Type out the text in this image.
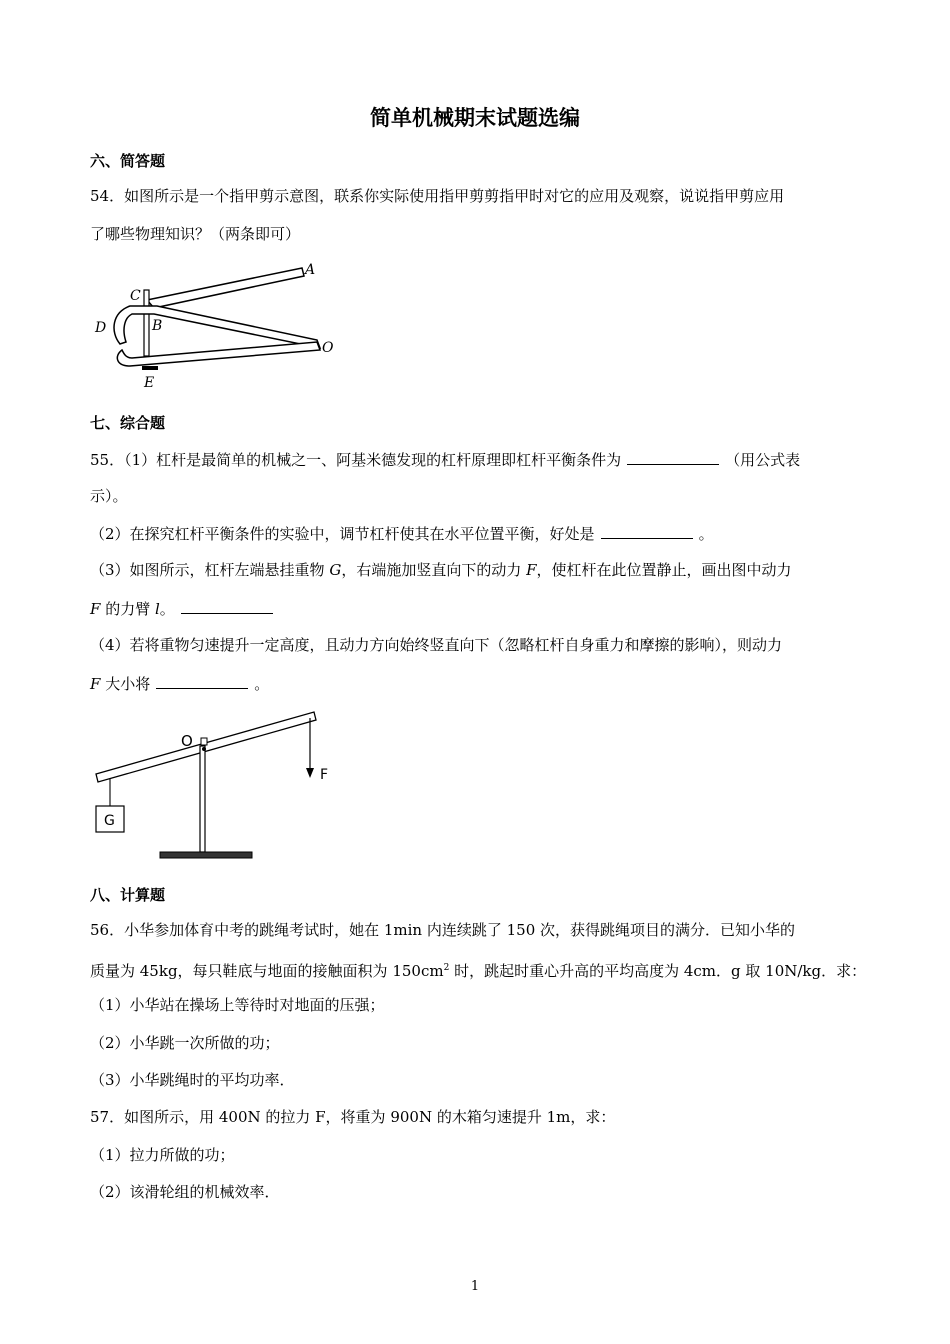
简单机械期末试题选编
六、简答题
54．如图所示是一个指甲剪示意图，联系你实际使用指甲剪剪指甲时对它的应用及观察，说说指甲剪应用
了哪些物理知识？（两条即可）
A
B
C
D
E
O
七、综合题
55．（1）杠杆是最简单的机械之一、阿基米德发现的杠杆原理即杠杆平衡条件为	（用公式表
示）。
（2）在探究杠杆平衡条件的实验中，调节杠杆使其在水平位置平衡，好处是	。
（3）如图所示，杠杆左端悬挂重物 G，右端施加竖直向下的动力 F，使杠杆在此位置静止，画出图中动力
F 的力臂 l。
（4）若将重物匀速提升一定高度，且动力方向始终竖直向下（忽略杠杆自身重力和摩擦的影响），则动力
F 大小将	。
O
F
G
八、计算题
56．小华参加体育中考的跳绳考试时，她在 1min 内连续跳了 150 次，获得跳绳项目的满分．已知小华的
质量为 45kg，每只鞋底与地面的接触面积为 $150cm^2$ 时，跳起时重心升高的平均高度为 4cm．g 取 10N/kg．求：
（1）小华站在操场上等待时对地面的压强；
（2）小华跳一次所做的功；
（3）小华跳绳时的平均功率．
57．如图所示，用 400N 的拉力 F，将重为 900N 的木箱匀速提升 1m，求：
（1）拉力所做的功；
（2）该滑轮组的机械效率．
1
